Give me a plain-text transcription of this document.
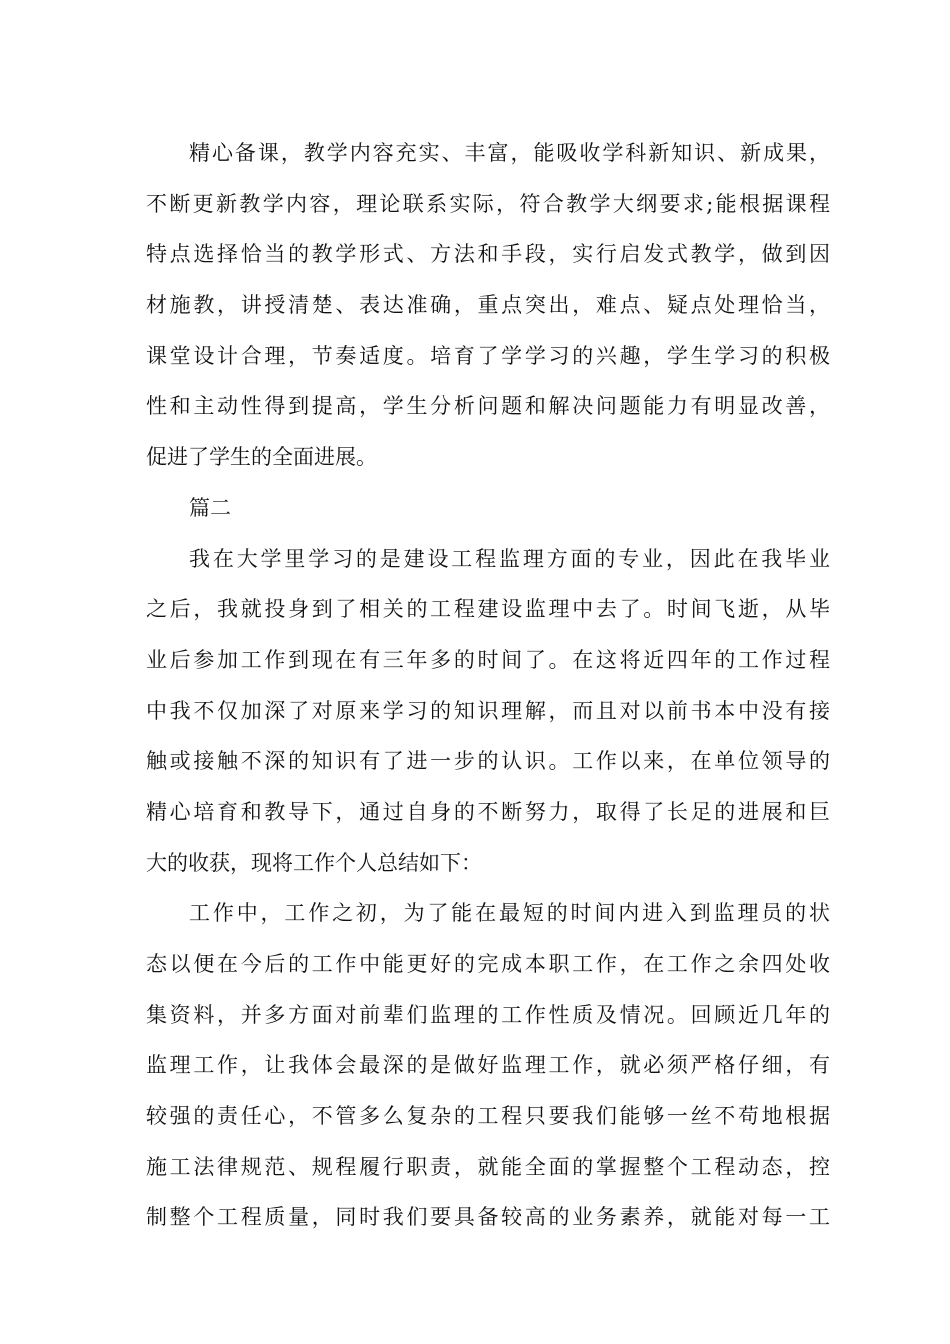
精心备课，教学内容充实、丰富，能吸收学科新知识、新成果，
不断更新教学内容，理论联系实际，符合教学大纲要求;能根据课程
特点选择恰当的教学形式、方法和手段，实行启发式教学，做到因
材施教，讲授清楚、表达准确，重点突出，难点、疑点处理恰当，
课堂设计合理，节奏适度。培育了学学习的兴趣，学生学习的积极
性和主动性得到提高，学生分析问题和解决问题能力有明显改善，
促进了学生的全面进展。
篇二
我在大学里学习的是建设工程监理方面的专业，因此在我毕业
之后，我就投身到了相关的工程建设监理中去了。时间飞逝，从毕
业后参加工作到现在有三年多的时间了。在这将近四年的工作过程
中我不仅加深了对原来学习的知识理解，而且对以前书本中没有接
触或接触不深的知识有了进一步的认识。工作以来，在单位领导的
精心培育和教导下，通过自身的不断努力，取得了长足的进展和巨
大的收获，现将工作个人总结如下：
工作中，工作之初，为了能在最短的时间内进入到监理员的状
态以便在今后的工作中能更好的完成本职工作，在工作之余四处收
集资料，并多方面对前辈们监理的工作性质及情况。回顾近几年的
监理工作，让我体会最深的是做好监理工作，就必须严格仔细，有
较强的责任心，不管多么复杂的工程只要我们能够一丝不苟地根据
施工法律规范、规程履行职责，就能全面的掌握整个工程动态，控
制整个工程质量，同时我们要具备较高的业务素养，就能对每一工
